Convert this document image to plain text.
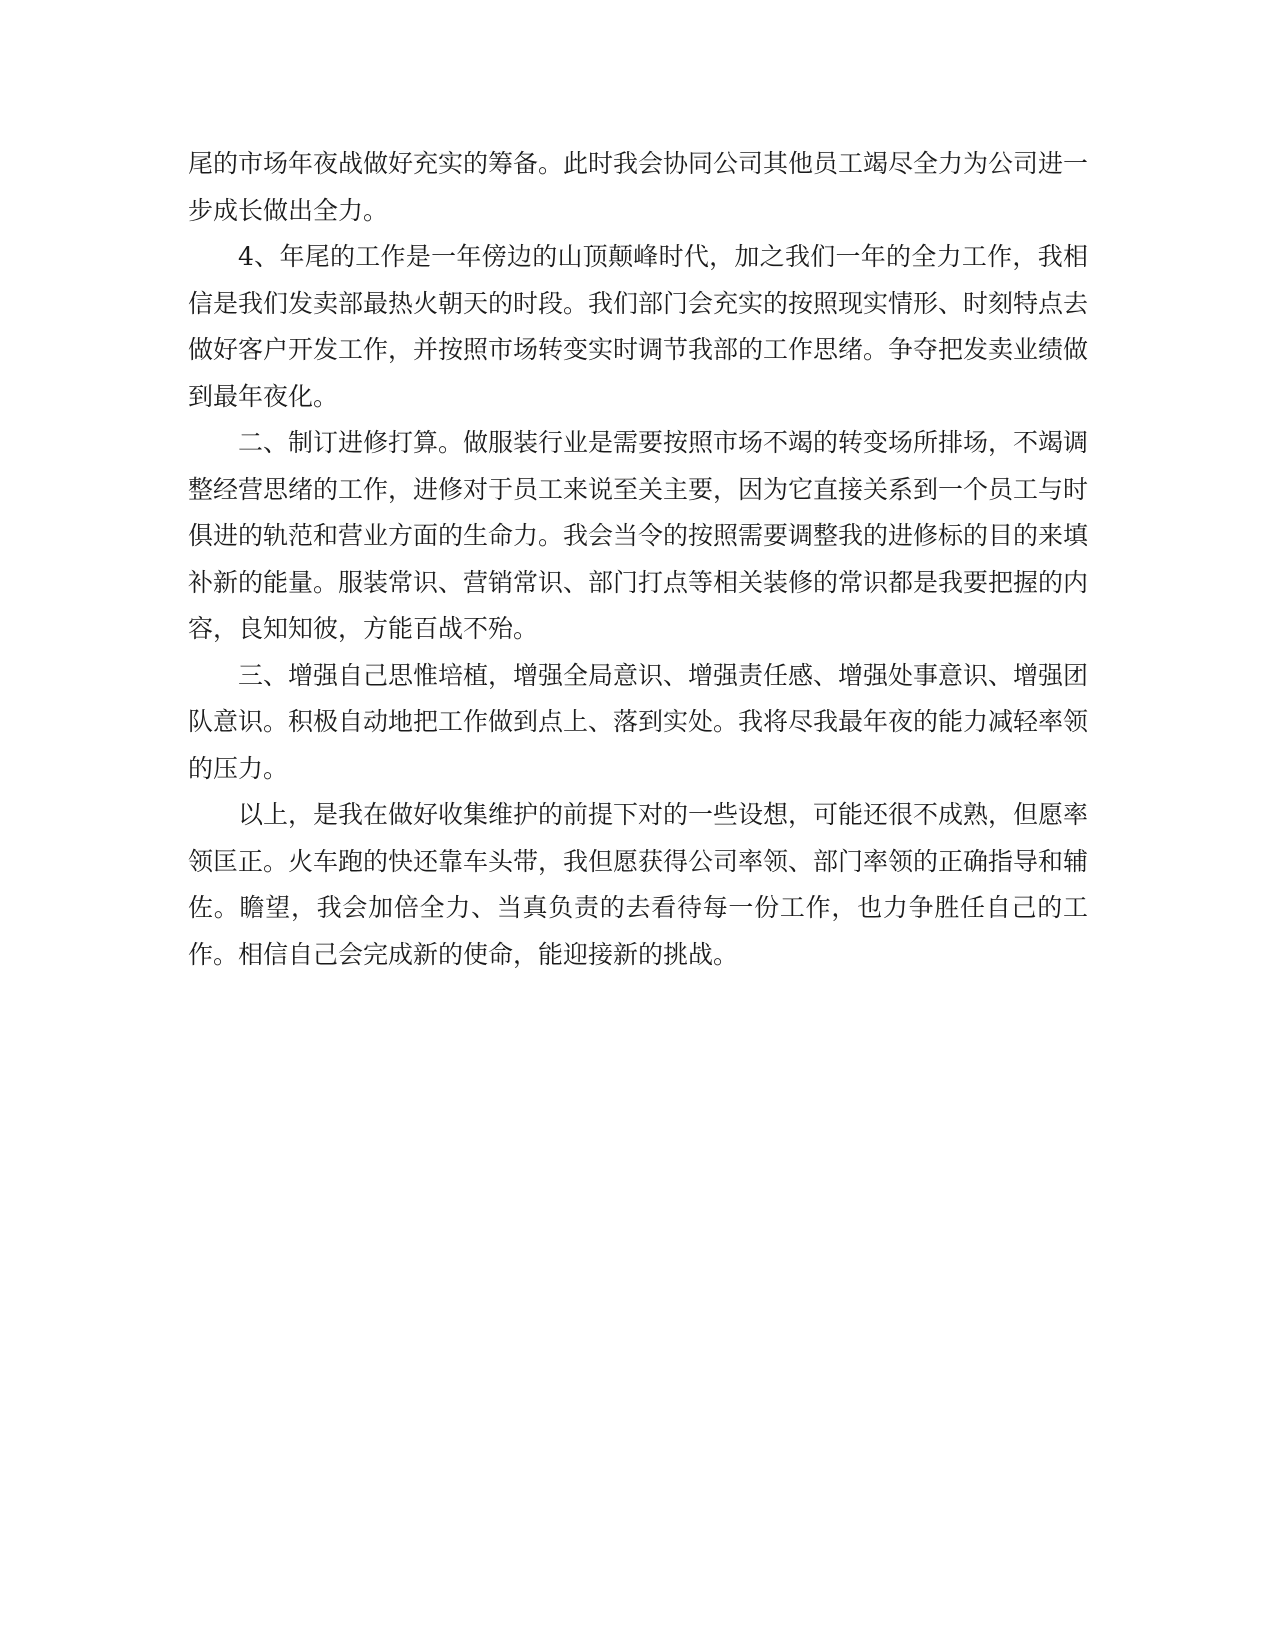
尾的市场年夜战做好充实的筹备。此时我会协同公司其他员工竭尽全力为公司进一步成长做出全力。

4、年尾的工作是一年傍边的山顶颠峰时代，加之我们一年的全力工作，我相信是我们发卖部最热火朝天的时段。我们部门会充实的按照现实情形、时刻特点去做好客户开发工作，并按照市场转变实时调节我部的工作思绪。争夺把发卖业绩做到最年夜化。

二、制订进修打算。做服装行业是需要按照市场不竭的转变场所排场，不竭调整经营思绪的工作，进修对于员工来说至关主要，因为它直接关系到一个员工与时俱进的轨范和营业方面的生命力。我会当令的按照需要调整我的进修标的目的来填补新的能量。服装常识、营销常识、部门打点等相关装修的常识都是我要把握的内容，良知知彼，方能百战不殆。

三、增强自己思惟培植，增强全局意识、增强责任感、增强处事意识、增强团队意识。积极自动地把工作做到点上、落到实处。我将尽我最年夜的能力减轻率领的压力。

以上，是我在做好收集维护的前提下对的一些设想，可能还很不成熟，但愿率领匡正。火车跑的快还靠车头带，我但愿获得公司率领、部门率领的正确指导和辅佐。瞻望，我会加倍全力、当真负责的去看待每一份工作，也力争胜任自己的工作。相信自己会完成新的使命，能迎接新的挑战。
